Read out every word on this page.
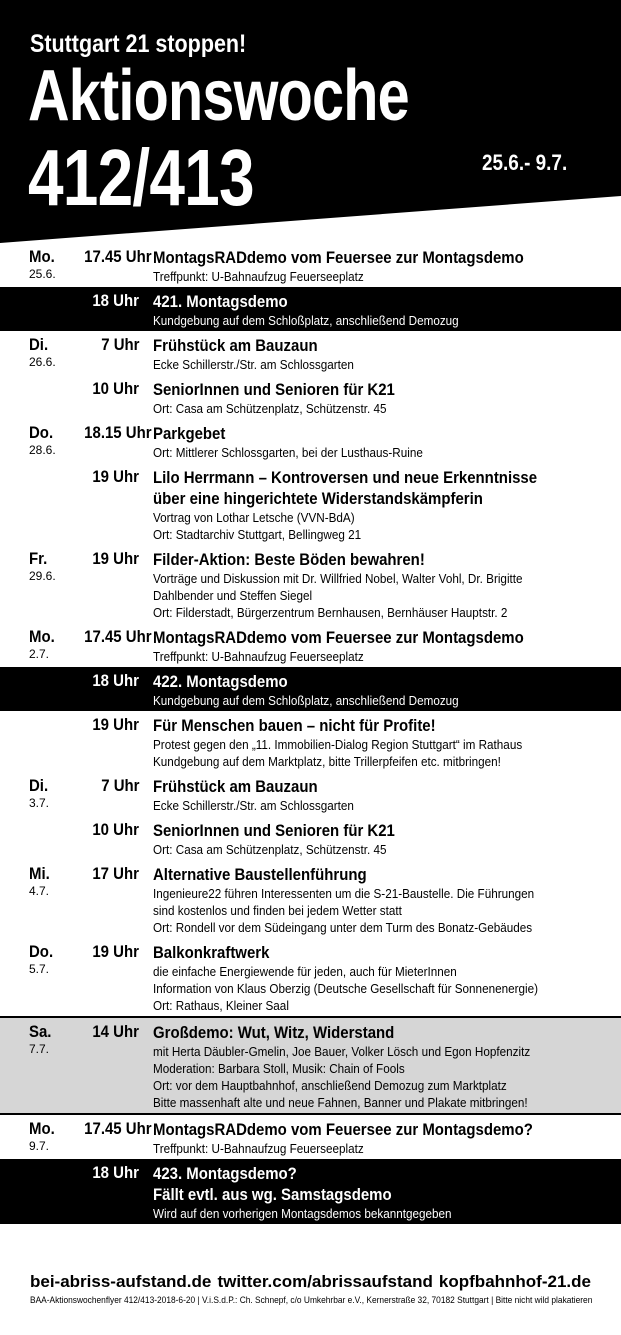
Stuttgart 21 stoppen!
Aktionswoche
412/413	25.6.- 9.7.
Mo.
25.6.
17.45 Uhr MontagsRADdemo vom Feuersee zur Montagsdemo
Treffpunkt: U-Bahnaufzug Feuerseeplatz
18 Uhr 421. Montagsdemo
Kundgebung auf dem Schloßplatz, anschließend Demozug
Di.
26.6.
7 Uhr Frühstück am Bauzaun
Ecke Schillerstr./Str. am Schlossgarten
10 Uhr SeniorInnen und Senioren für K21
Ort: Casa am Schützenplatz, Schützenstr. 45
Do.
28.6.
18.15 Uhr Parkgebet
Ort: Mittlerer Schlossgarten, bei der Lusthaus-Ruine
19 Uhr Lilo Herrmann – Kontroversen und neue Erkenntnisse
über eine hingerichtete Widerstandskämpferin
Vortrag von Lothar Letsche (VVN-BdA)
Ort: Stadtarchiv Stuttgart, Bellingweg 21
Fr.
29.6.
19 Uhr Filder-Aktion: Beste Böden bewahren!
Vorträge und Diskussion mit Dr. Willfried Nobel, Walter Vohl, Dr. Brigitte
Dahlbender und Steffen Siegel
Ort: Filderstadt, Bürgerzentrum Bernhausen, Bernhäuser Hauptstr. 2
Mo.
2.7.
17.45 Uhr MontagsRADdemo vom Feuersee zur Montagsdemo
Treffpunkt: U-Bahnaufzug Feuerseeplatz
18 Uhr 422. Montagsdemo
Kundgebung auf dem Schloßplatz, anschließend Demozug
19 Uhr Für Menschen bauen – nicht für Profite!
Protest gegen den „11. Immobilien-Dialog Region Stuttgart“ im Rathaus
Kundgebung auf dem Marktplatz, bitte Trillerpfeifen etc. mitbringen!
Di.
3.7.
7 Uhr Frühstück am Bauzaun
Ecke Schillerstr./Str. am Schlossgarten
10 Uhr SeniorInnen und Senioren für K21
Ort: Casa am Schützenplatz, Schützenstr. 45
Mi.
4.7.
17 Uhr Alternative Baustellenführung
Ingenieure22 führen Interessenten um die S-21-Baustelle. Die Führungen
sind kostenlos und finden bei jedem Wetter statt
Ort: Rondell vor dem Südeingang unter dem Turm des Bonatz-Gebäudes
Do.
5.7.
19 Uhr Balkonkraftwerk
die einfache Energiewende für jeden, auch für MieterInnen
Information von Klaus Oberzig (Deutsche Gesellschaft für Sonnenenergie)
Ort: Rathaus, Kleiner Saal
Sa.
7.7.
14 Uhr Großdemo: Wut, Witz, Widerstand
mit Herta Däubler-Gmelin, Joe Bauer, Volker Lösch und Egon Hopfenzitz
Moderation: Barbara Stoll, Musik: Chain of Fools
Ort: vor dem Hauptbahnhof, anschließend Demozug zum Marktplatz
Bitte massenhaft alte und neue Fahnen, Banner und Plakate mitbringen!
Mo.
9.7.
17.45 Uhr MontagsRADdemo vom Feuersee zur Montagsdemo?
Treffpunkt: U-Bahnaufzug Feuerseeplatz
18 Uhr 423. Montagsdemo?
Fällt evtl. aus wg. Samstagsdemo
Wird auf den vorherigen Montagsdemos bekanntgegeben
bei-abriss-aufstand.de twitter.com/abrissaufstand kopfbahnhof-21.de
BAA-Aktionswochenflyer 412/413-2018-6-20 | V.i.S.d.P.: Ch. Schnepf, c/o Umkehrbar e.V., Kernerstraße 32, 70182 Stuttgart | Bitte nicht wild plakatieren
